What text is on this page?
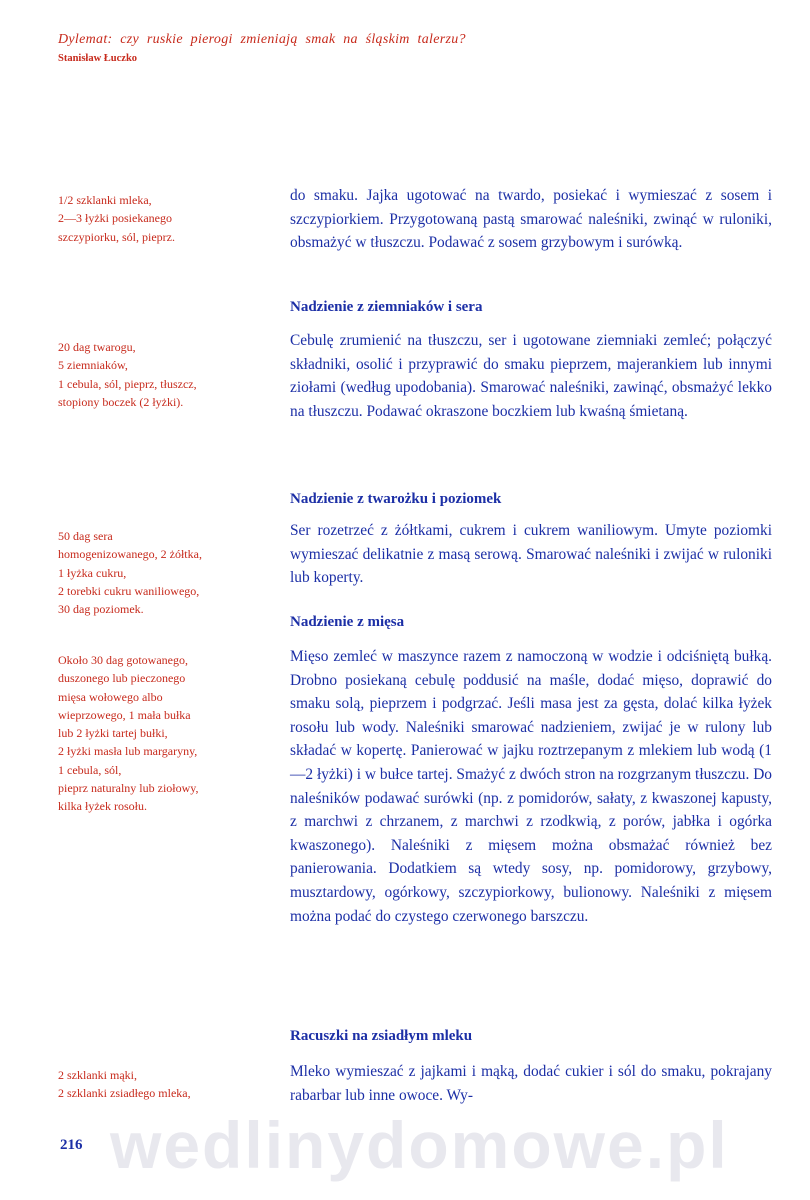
Dylemat: czy ruskie pierogi zmieniają smak na śląskim talerzu?
Stanisław Łuczko
1/2 szklanki mleka,
2—3 łyżki posiekanego
szczypiorku, sól, pieprz.
do smaku. Jajka ugotować na twardo, posiekać i wymieszać z sosem i szczypiorkiem. Przygotowaną pastą smarować naleśniki, zwinąć w ruloniki, obsmażyć w tłuszczu. Podawać z sosem grzybowym i surówką.
Nadzienie z ziemniaków i sera
20 dag twarogu,
5 ziemniaków,
1 cebula, sól, pieprz, tłuszcz,
stopiony boczek (2 łyżki).
Cebulę zrumienić na tłuszczu, ser i ugotowane ziemniaki zemleć; połączyć składniki, osolić i przyprawić do smaku pieprzem, majerankiem lub innymi ziołami (według upodobania). Smarować naleśniki, zawinąć, obsmażyć lekko na tłuszczu. Podawać okraszone boczkiem lub kwaśną śmietaną.
Nadzienie z twarożku i poziomek
50 dag sera
homogenizowanego, 2 żółtka,
1 łyżka cukru,
2 torebki cukru waniliowego,
30 dag poziomek.
Ser rozetrzeć z żółtkami, cukrem i cukrem waniliowym. Umyte poziomki wymieszać delikatnie z masą serową. Smarować naleśniki i zwijać w ruloniki lub koperty.
Nadzienie z mięsa
Około 30 dag gotowanego,
duszonego lub pieczonego
mięsa wołowego albo
wieprzowego, 1 mała bułka
lub 2 łyżki tartej bułki,
2 łyżki masła lub margaryny,
1 cebula, sól,
pieprz naturalny lub ziołowy,
kilka łyżek rosołu.
Mięso zemleć w maszynce razem z namoczoną w wodzie i odciśniętą bułką. Drobno posiekaną cebulę poddusić na maśle, dodać mięso, doprawić do smaku solą, pieprzem i podgrzać. Jeśli masa jest za gęsta, dolać kilka łyżek rosołu lub wody. Naleśniki smarować nadzieniem, zwijać je w rulony lub składać w kopertę. Panierować w jajku roztrzepanym z mlekiem lub wodą (1—2 łyżki) i w bułce tartej. Smażyć z dwóch stron na rozgrzanym tłuszczu. Do naleśników podawać surówki (np. z pomidorów, sałaty, z kwaszonej kapusty, z marchwi z chrzanem, z marchwi z rzodkwią, z porów, jabłka i ogórka kwaszonego). Naleśniki z mięsem można obsmażać również bez panierowania. Dodatkiem są wtedy sosy, np. pomidorowy, grzybowy, musztardowy, ogórkowy, szczypiorkowy, bulionowy. Naleśniki z mięsem można podać do czystego czerwonego barszczu.
Racuszki na zsiadłym mleku
2 szklanki mąki,
2 szklanki zsiadłego mleka,
Mleko wymieszać z jajkami i mąką, dodać cukier i sól do smaku, pokrajany rabarbar lub inne owoce. Wy-
wedlinydomowe.pl
216
